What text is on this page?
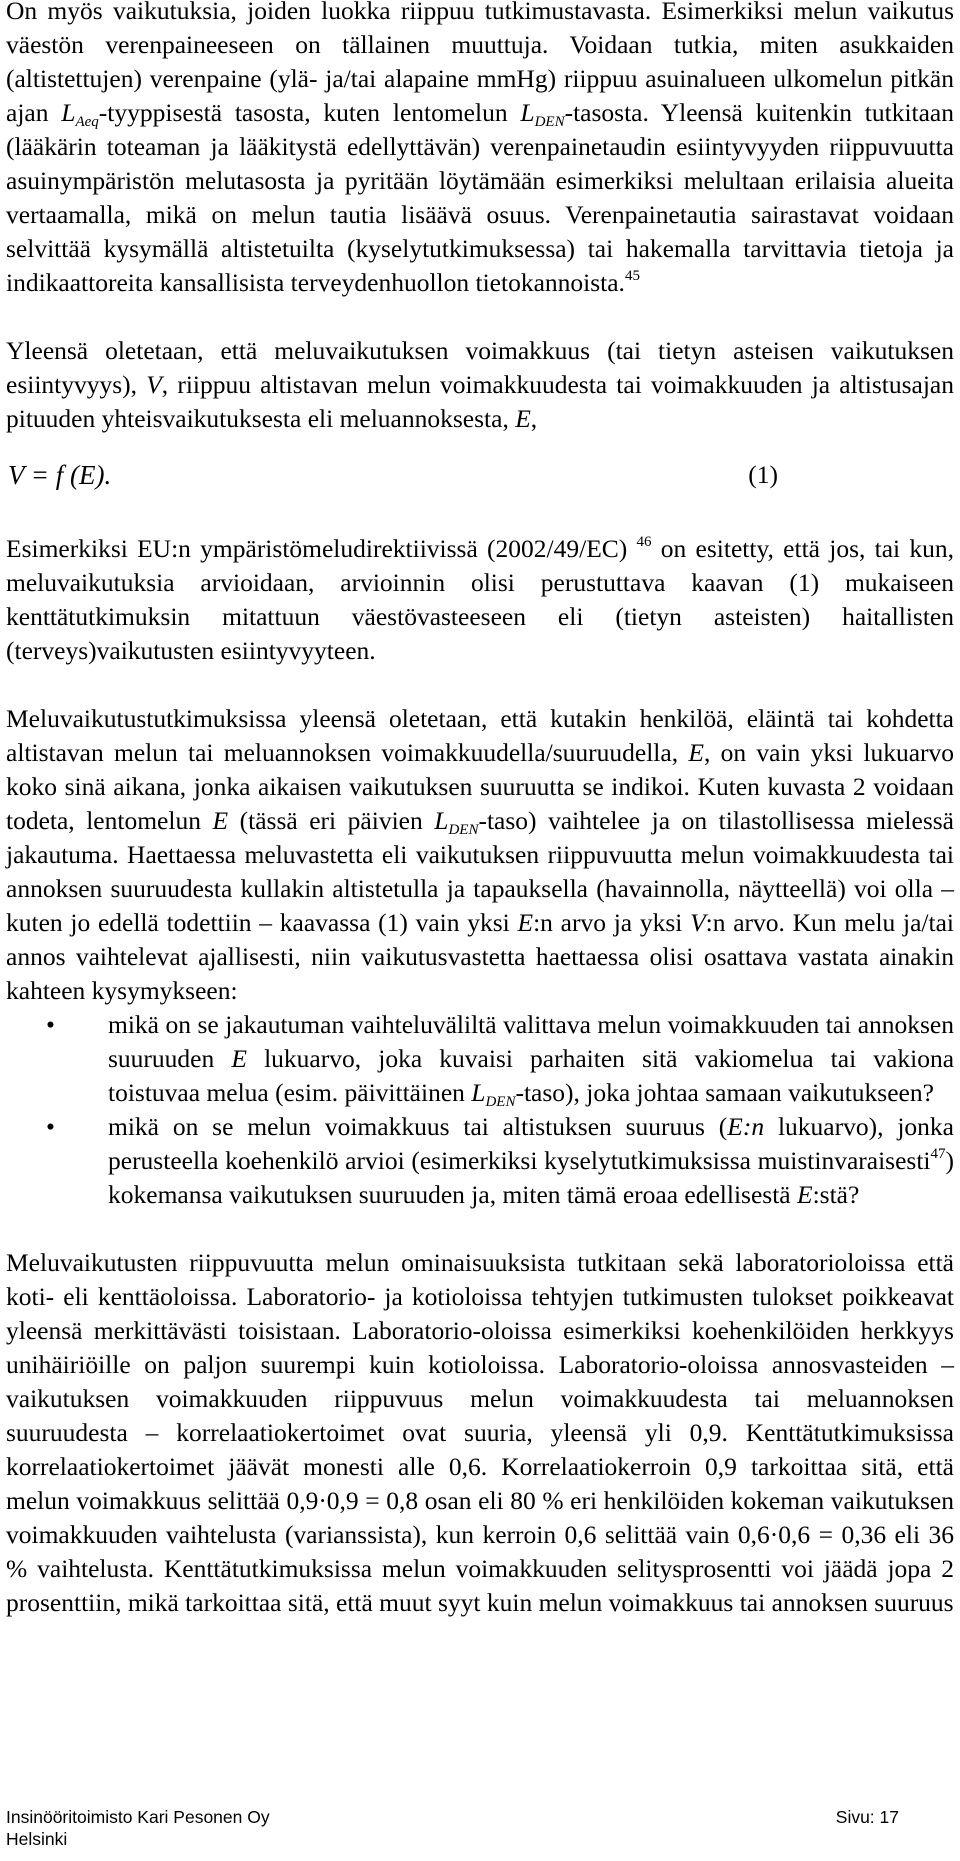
On myös vaikutuksia, joiden luokka riippuu tutkimustavasta. Esimerkiksi melun vaikutus väestön verenpaineeseen on tällainen muuttuja. Voidaan tutkia, miten asukkaiden (altistettujen) verenpaine (ylä- ja/tai alapaine mmHg) riippuu asuinalueen ulkomelun pitkän ajan $L_{Aeq}$-tyyppisestä tasosta, kuten lentomelun $L_{DEN}$-tasosta. Yleensä kuitenkin tutkitaan (lääkärin toteaman ja lääkitystä edellyttävän) verenpainetaudin esiintyvyyden riippuvuutta asuinympäristön melutasosta ja pyritään löytämään esimerkiksi melultaan erilaisia alueita vertaamalla, mikä on melun tautia lisäävä osuus. Verenpainetautia sairastavat voidaan selvittää kysymällä altistetuilta (kyselytutkimuksessa) tai hakemalla tarvittavia tietoja ja indikaattoreita kansallisista terveydenhuollon tietokannoista.$^{45}$

Yleensä oletetaan, että meluvaikutuksen voimakkuus (tai tietyn asteisen vaikutuksen esiintyvyys), V, riippuu altistavan melun voimakkuudesta tai voimakkuuden ja altistusajan pituuden yhteisvaikutuksesta eli meluannoksesta, E,

V = f (E).	(1)

Esimerkiksi EU:n ympäristömeludirektiivissä (2002/49/EC) $^{46}$ on esitetty, että jos, tai kun, meluvaikutuksia arvioidaan, arvioinnin olisi perustuttava kaavan (1) mukaiseen kenttätutkimuksin mitattuun väestövasteeseen eli (tietyn asteisten) haitallisten (terveys)vaikutusten esiintyvyyteen.

Meluvaikutustutkimuksissa yleensä oletetaan, että kutakin henkilöä, eläintä tai kohdetta altistavan melun tai meluannoksen voimakkuudella/suuruudella, E, on vain yksi lukuarvo koko sinä aikana, jonka aikaisen vaikutuksen suuruutta se indikoi. Kuten kuvasta 2 voidaan todeta, lentomelun E (tässä eri päivien $L_{DEN}-taso$) vaihtelee ja on tilastollisessa mielessä jakautuma. Haettaessa meluvastetta eli vaikutuksen riippuvuutta melun voimakkuudesta tai annoksen suuruudesta kullakin altistetulla ja tapauksella (havainnolla, näytteellä) voi olla – kuten jo edellä todettiin – kaavassa (1) vain yksi E:n arvo ja yksi V:n arvo. Kun melu ja/tai annos vaihtelevat ajallisesti, niin vaikutusvastetta haettaessa olisi osattava vastata ainakin kahteen kysymykseen:

• mikä on se jakautuman vaihteluväliltä valittava melun voimakkuuden tai annoksen suuruuden E lukuarvo, joka kuvaisi parhaiten sitä vakiomelua tai vakiona toistuvaa melua (esim. päivittäinen $L_{DEN}-taso$), joka johtaa samaan vaikutukseen?
• mikä on se melun voimakkuus tai altistuksen suuruus (E:n lukuarvo), jonka perusteella koehenkilö arvioi (esimerkiksi kyselytutkimuksissa muistinvaraisesti$^{47}$) kokemansa vaikutuksen suuruuden ja, miten tämä eroaa edellisestä E:stä?

Meluvaikutusten riippuvuutta melun ominaisuuksista tutkitaan sekä laboratorioloissa että koti- eli kenttäoloissa. Laboratorio- ja kotioloissa tehtyjen tutkimusten tulokset poikkeavat yleensä merkittävästi toisistaan. Laboratorio-oloissa esimerkiksi koehenkilöiden herkkyys unihäiriöille on paljon suurempi kuin kotioloissa. Laboratorio-oloissa annosvasteiden – vaikutuksen voimakkuuden riippuvuus melun voimakkuudesta tai meluannoksen suuruudesta – korrelaatiokertoimet ovat suuria, yleensä yli 0,9. Kenttätutkimuksissa korrelaatiokertoimet jäävät monesti alle 0,6. Korrelaatiokerroin 0,9 tarkoittaa sitä, että melun voimakkuus selittää 0,9·0,9 = 0,8 osan eli 80 % eri henkilöiden kokeman vaikutuksen voimakkuuden vaihtelusta (varianssista), kun kerroin 0,6 selittää vain 0,6·0,6 = 0,36 eli 36 % vaihtelusta. Kenttätutkimuksissa melun voimakkuuden selitysprosentti voi jäädä jopa 2 prosenttiin, mikä tarkoittaa sitä, että muut syyt kuin melun voimakkuus tai annoksen suuruus

Insinööritoimisto Kari Pesonen Oy
Helsinki
Sivu: 17
